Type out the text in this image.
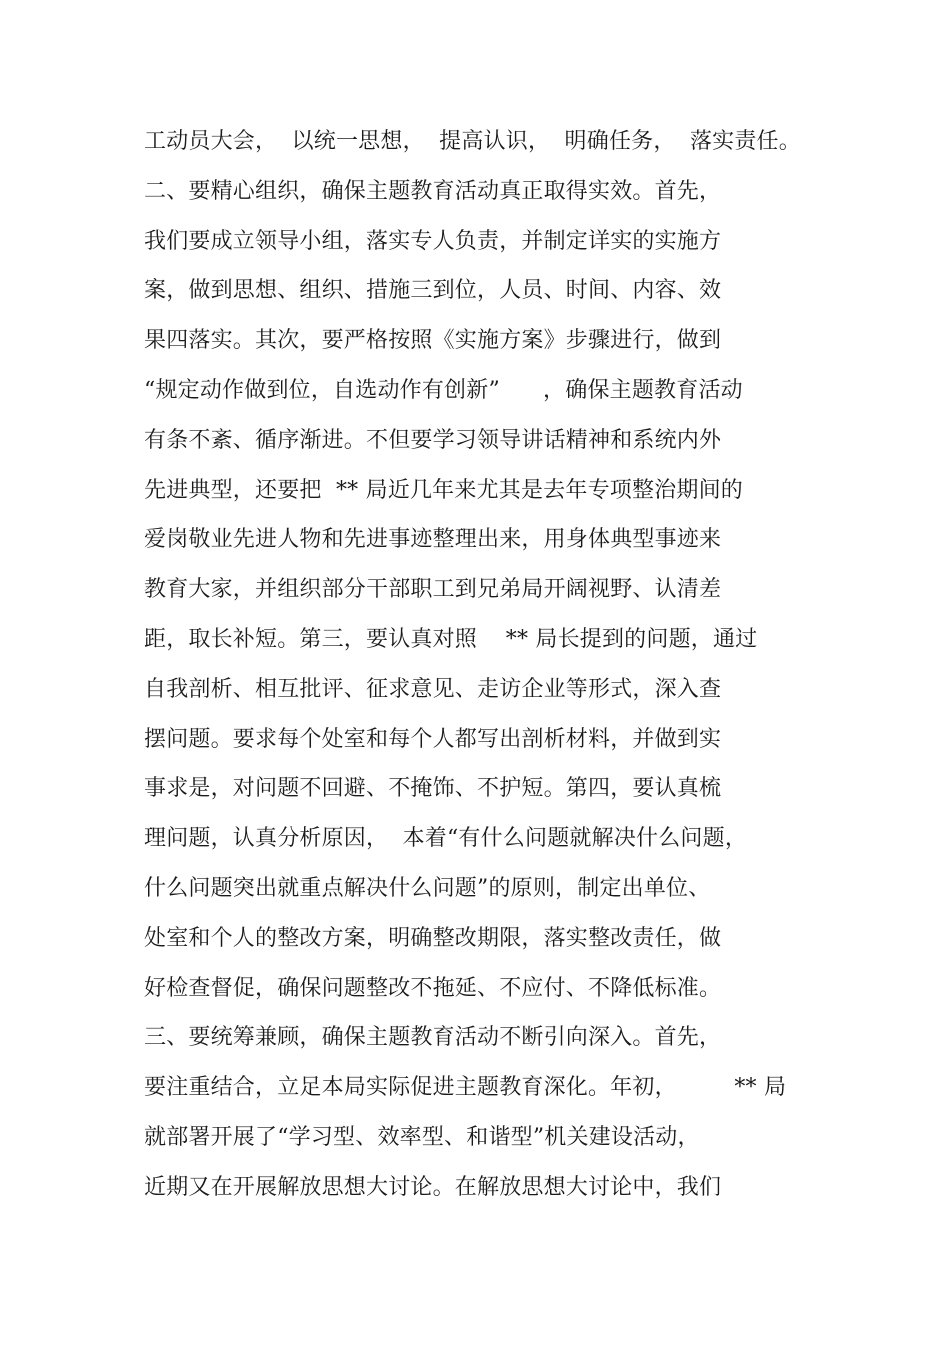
工动员大会，  以统一思想，  提高认识，  明确任务，  落实责任。
二、要精心组织，确保主题教育活动真正取得实效。首先，
我们要成立领导小组，落实专人负责，并制定详实的实施方
案，做到思想、组织、措施三到位，人员、时间、内容、效
果四落实。其次，要严格按照《实施方案》步骤进行，做到
“规定动作做到位，自选动作有创新”      ，确保主题教育活动
有条不紊、循序渐进。不但要学习领导讲话精神和系统内外
先进典型，还要把  ** 局近几年来尤其是去年专项整治期间的
爱岗敬业先进人物和先进事迹整理出来，用身体典型事迹来
教育大家，并组织部分干部职工到兄弟局开阔视野、认清差
距，取长补短。第三，要认真对照    ** 局长提到的问题，通过
自我剖析、相互批评、征求意见、走访企业等形式，深入查
摆问题。要求每个处室和每个人都写出剖析材料，并做到实
事求是，对问题不回避、不掩饰、不护短。第四，要认真梳
理问题，认真分析原因，  本着“有什么问题就解决什么问题，
什么问题突出就重点解决什么问题”的原则，制定出单位、
处室和个人的整改方案，明确整改期限，落实整改责任，做
好检查督促，确保问题整改不拖延、不应付、不降低标准。
三、要统筹兼顾，确保主题教育活动不断引向深入。首先，
要注重结合，立足本局实际促进主题教育深化。年初，        ** 局
就部署开展了“学习型、效率型、和谐型”机关建设活动，
近期又在开展解放思想大讨论。在解放思想大讨论中，我们
